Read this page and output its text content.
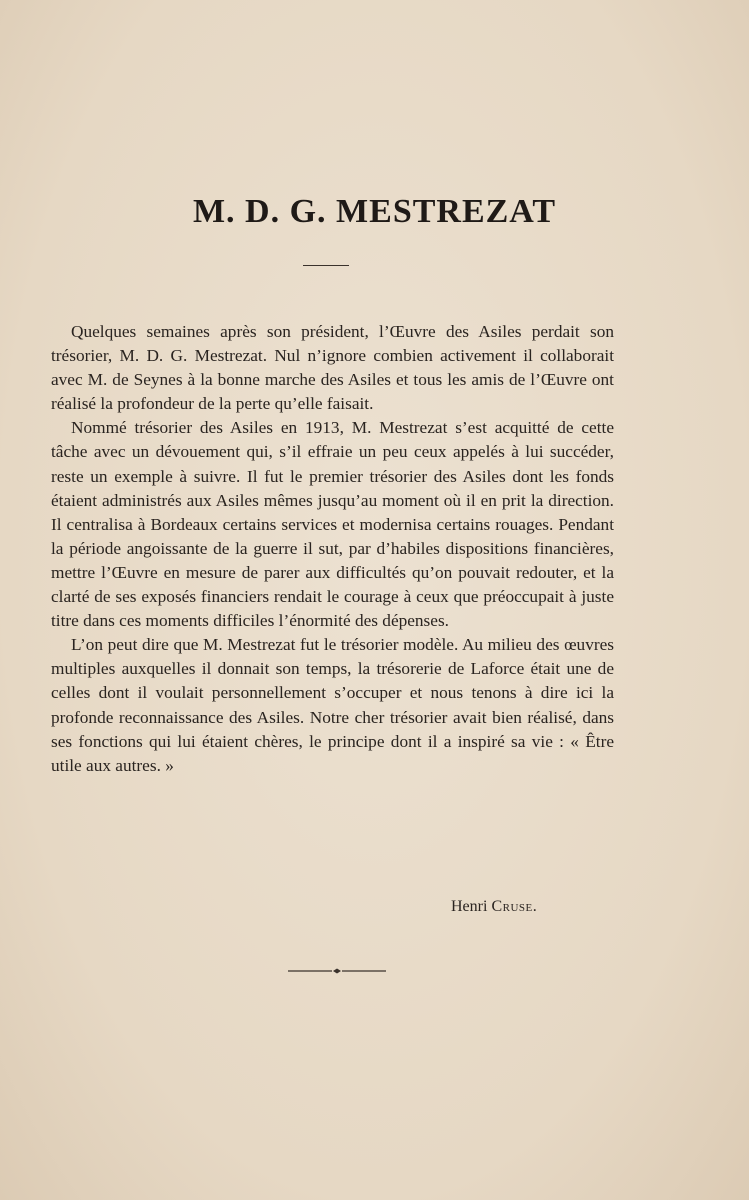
M. D. G. MESTREZAT

Quelques semaines après son président, l’Œuvre des Asiles perdait son trésorier, M. D. G. Mestrezat. Nul n’ignore combien activement il collaborait avec M. de Seynes à la bonne marche des Asiles et tous les amis de l’Œuvre ont réalisé la profondeur de la perte qu’elle faisait.

Nommé trésorier des Asiles en 1913, M. Mestrezat s’est acquitté de cette tâche avec un dévouement qui, s’il effraie un peu ceux appelés à lui succéder, reste un exemple à suivre. Il fut le premier trésorier des Asiles dont les fonds étaient administrés aux Asiles mêmes jusqu’au moment où il en prit la direction. Il centralisa à Bordeaux certains services et modernisa certains rouages. Pendant la période angoissante de la guerre il sut, par d’habiles dispositions financières, mettre l’Œuvre en mesure de parer aux difficultés qu’on pouvait redouter, et la clarté de ses exposés financiers rendait le courage à ceux que préoccupait à juste titre dans ces moments difficiles l’énormité des dépenses.

L’on peut dire que M. Mestrezat fut le trésorier modèle. Au milieu des œuvres multiples auxquelles il donnait son temps, la trésorerie de Laforce était une de celles dont il voulait personnellement s’occuper et nous tenons à dire ici la profonde reconnaissance des Asiles. Notre cher trésorier avait bien réalisé, dans ses fonctions qui lui étaient chères, le principe dont il a inspiré sa vie : « Être utile aux autres. »

Henri Cruse.
